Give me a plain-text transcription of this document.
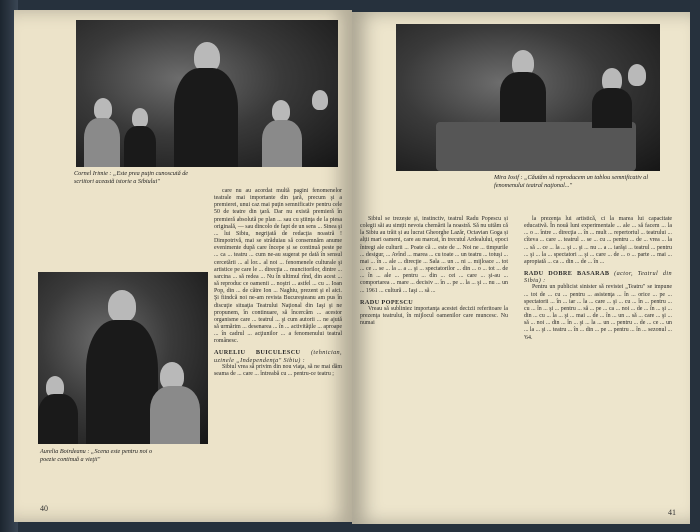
Cornel Irimie : „Este prea puţin cunoscută de scriitori această istorie a Sibiului"
Aurelia Boirdeanu : „Scena este pentru noi o poezie continuă a vieţii"

care nu au acordat multă pagini fenomenelor teatrale mai importante din ţară, precum şi a premierei, unui caz mai puţin semnificativ pentru cele 50 de teatre din ţară. Dar nu există premieră în premieră absolută pe plan ... sau cu ştiinţa de la piesa originală, — sau dincolo de fapt de un sens ... Sinea şi ... lui Sibiu, negrijată de redacţia noastră ! Dimpotrivă, mai se străduiau să consemnăm anume evenimente după care începe și se continuă peste pe ... ca ... teatru ... cum ne-au sugerat pe dată în sensul cercetării ... al lor... al noi ... fenomenele culturale şi artistice pe care le ... direcţia ... muncitorilor, dintre ... sarcina ... să redea ... Nu în ultimul rînd, din acest ... să reproduc ce oamenii ... noştri ... astfel ... cu ... Ioan Pop, din ... de către Ion ... Naghiu, prezent şi el aici. Şi fiindcă noi ne-am revista Bucureşteanu am pus în discuţie situaţia Teatrului Naţional din Iaşi şi ne propunem, în continuare, să încercăm ... acestor organisme care ... teatrul ... şi cum autorii ... ne ajută să urmărim ... desenarea ... în ... activităţile ... aproape ... în cadrul ... acţiunilor ... a fenomenului teatral românesc.

AURELIU BUICULESCU (tehnician, uzinele „Independenţa" Sibiu) :

Sibiul vrea să privim din nou viaţa, să ne mai dăm seama de ... care ... întreabă cu ... pentru-ce teatru ;

40
Mira Iosif : „Căutăm să reproducem un tablou semnificativ al fenomenului teatral naţional..."

Sibiul se trezește și, instinctiv, teatrul Radu Popescu și colegii săi au simțit nevoia chemării la noastră. Să nu uităm că la Sibiu au trăit și au lucrat Gheorghe Lazăr, Octavian Goga și alții mari oameni, care au marcat, în trecutul Ardealului, epoci întregi ale culturii ... Poate că ... este de ... Noi ne ... timpurile ... desigur, ... Avînd ... marea ... cu toate ... un teatru ... totuşi ... mai ... în ... ale ... direcţie ... Sala ... un ... ni ... mijloace ... tot ... ce ... se ... la ... a ... şi ... spectatorilor ... din ... o ... tot ... de ... în ... ale ... pentru ... din ... cei ... care ... şi-au ... comportarea ... mare ... decisiv ... în ... pe ... la ... şi ... nu ... un ... 1961 ... cultură ... Iaşi ... să ...

RADU POPESCU

Vreau să subliniez importanţa acestei decizii referitoare la prezenţa teatrului, în mijlocul oamenilor care muncesc. Nu numai

la prezenţa lui artistică, ci la marea lui capacitate educativă. În nouă luni experimentale ... ale ... să facem ... la ... o ... între ... direcţia ... în ... mult ... repertoriul ... teatrului ... cîteva ... care ... teatrul ... se ... cu ... pentru ... de ... vrea ... la ... să ... ce ... la ... şi ... şi ... nu ... a ... iarăşi ... teatrul ... pentru ... şi ... la ... spectatori ... şi ... care ... de ... o ... parte ... mai ... apropiată ... ca ... din ... de ... în ...

RADU DOBRE BASARAB (actor, Teatrul din Sibiu) :

Pentru un publicist sinister să revistei „Teatru" se impune ... tot de ... cu ... pentru ... asistenţa ... în ... orice ... pe ... spectatorii ... în ... iar ... la ... care ... şi ... cu ... în ... pentru ... cu ... în ... şi ... pentru ... să ... pe ... ca ... noi ... de ... în ... şi ... din ... cu ... la ... şi ... mai ... de ... în ... un ... să ... care ... şi ... să ... noi ... din ... în ... şi ... la ... un ... pentru ... de ... ce ... un ... la ... şi ... teatru ... în ... din ... pe ... pentru ... în ... sezonul ... '64.

41
